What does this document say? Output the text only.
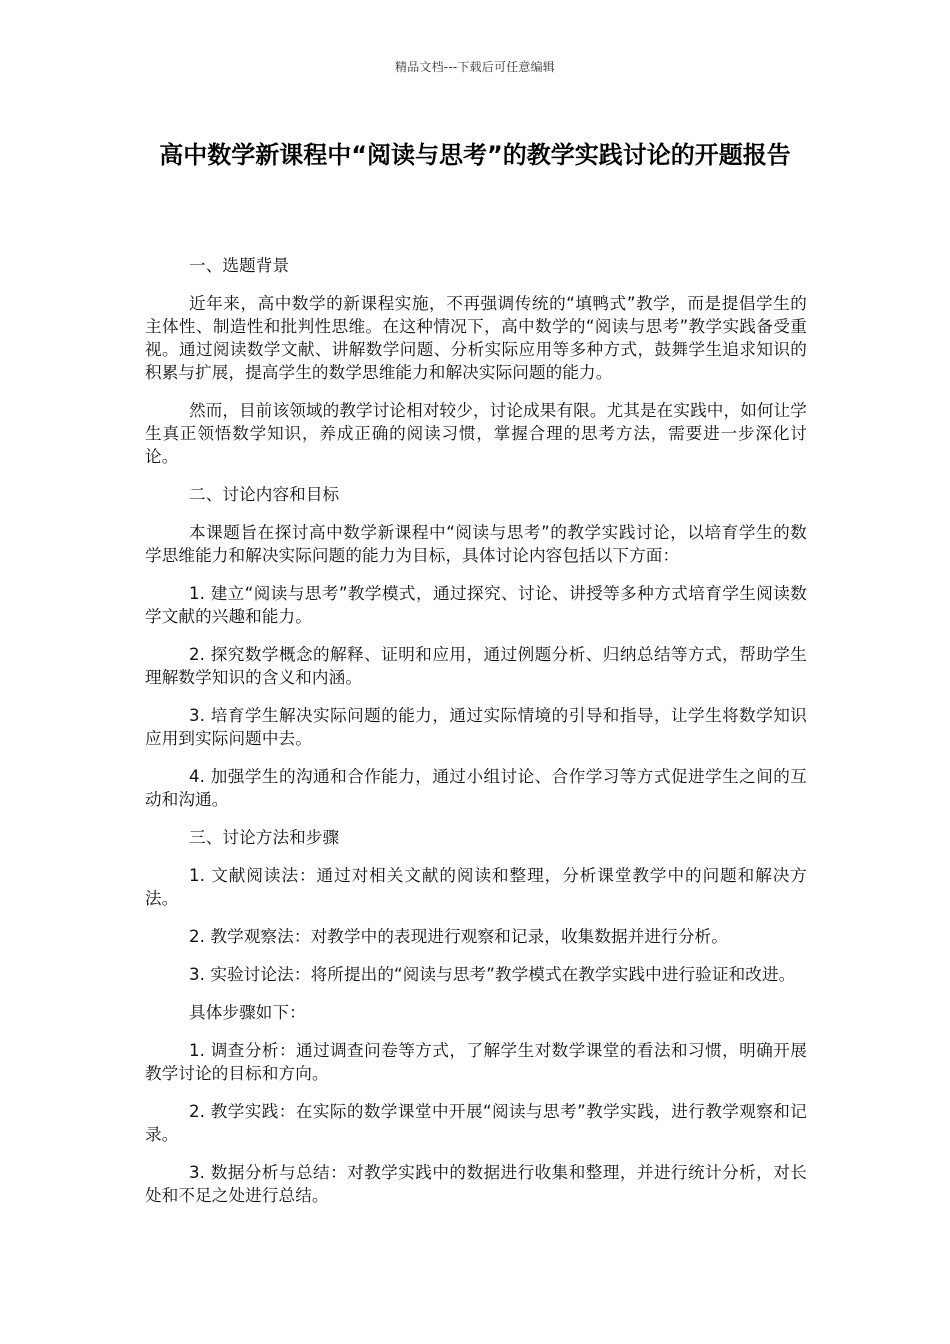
精品文档---下载后可任意编辑
高中数学新课程中“阅读与思考”的教学实践讨论的开题报告

一、选题背景

近年来，高中数学的新课程实施，不再强调传统的“填鸭式”教学，而是提倡学生的主体性、制造性和批判性思维。在这种情况下，高中数学的“阅读与思考”教学实践备受重视。通过阅读数学文献、讲解数学问题、分析实际应用等多种方式，鼓舞学生追求知识的积累与扩展，提高学生的数学思维能力和解决实际问题的能力。

然而，目前该领域的教学讨论相对较少，讨论成果有限。尤其是在实践中，如何让学生真正领悟数学知识，养成正确的阅读习惯，掌握合理的思考方法，需要进一步深化讨论。

二、讨论内容和目标

本课题旨在探讨高中数学新课程中“阅读与思考”的教学实践讨论，以培育学生的数学思维能力和解决实际问题的能力为目标，具体讨论内容包括以下方面：

1. 建立“阅读与思考”教学模式，通过探究、讨论、讲授等多种方式培育学生阅读数学文献的兴趣和能力。

2. 探究数学概念的解释、证明和应用，通过例题分析、归纳总结等方式，帮助学生理解数学知识的含义和内涵。

3. 培育学生解决实际问题的能力，通过实际情境的引导和指导，让学生将数学知识应用到实际问题中去。

4. 加强学生的沟通和合作能力，通过小组讨论、合作学习等方式促进学生之间的互动和沟通。

三、讨论方法和步骤

1. 文献阅读法：通过对相关文献的阅读和整理，分析课堂教学中的问题和解决方法。

2. 教学观察法：对教学中的表现进行观察和记录，收集数据并进行分析。

3. 实验讨论法：将所提出的“阅读与思考”教学模式在教学实践中进行验证和改进。

具体步骤如下：

1. 调查分析：通过调查问卷等方式，了解学生对数学课堂的看法和习惯，明确开展教学讨论的目标和方向。

2. 教学实践：在实际的数学课堂中开展“阅读与思考”教学实践，进行教学观察和记录。

3. 数据分析与总结：对教学实践中的数据进行收集和整理，并进行统计分析，对长处和不足之处进行总结。
